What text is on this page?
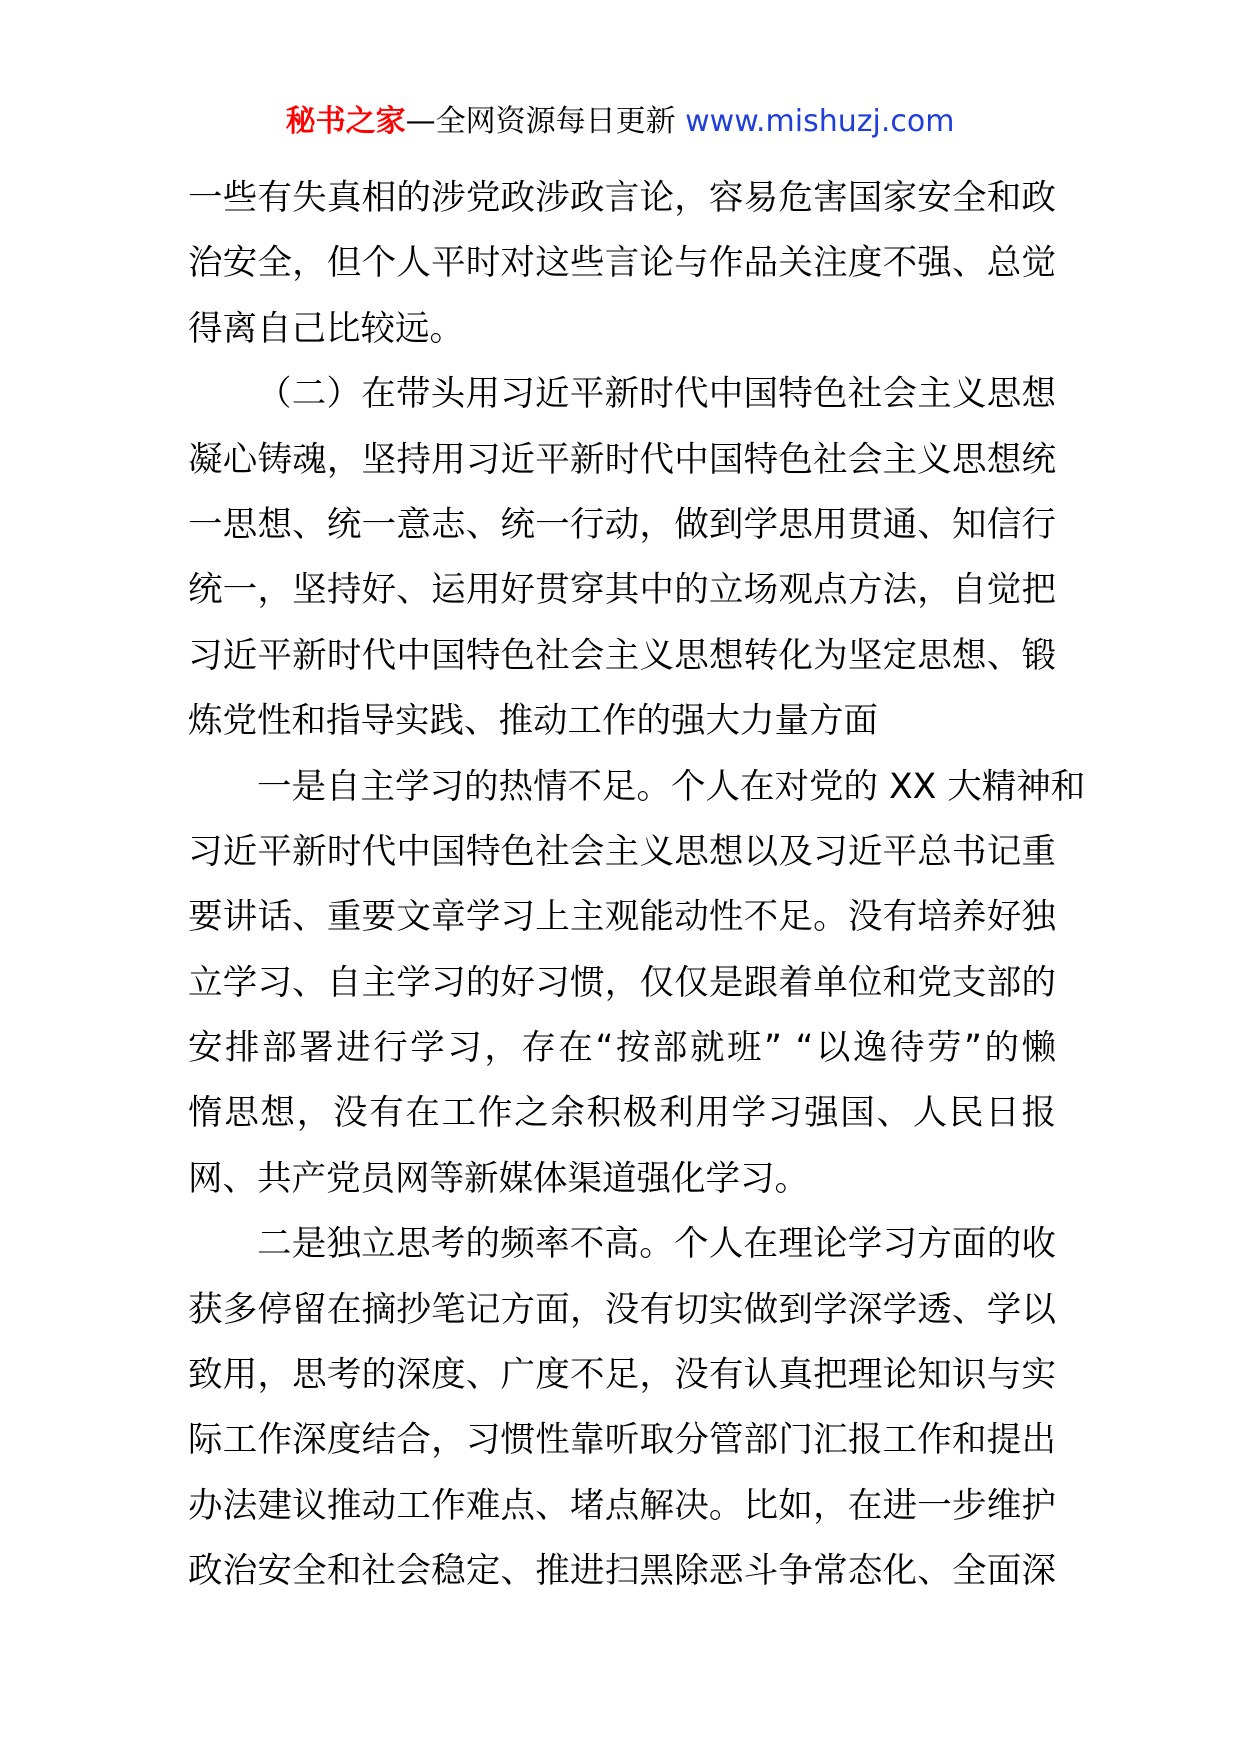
秘书之家—全网资源每日更新 www.mishuzj.com
一些有失真相的涉党政涉政言论，容易危害国家安全和政
治安全，但个人平时对这些言论与作品关注度不强、总觉
得离自己比较远。
（二）在带头用习近平新时代中国特色社会主义思想
凝心铸魂，坚持用习近平新时代中国特色社会主义思想统
一思想、统一意志、统一行动，做到学思用贯通、知信行
统一，坚持好、运用好贯穿其中的立场观点方法，自觉把
习近平新时代中国特色社会主义思想转化为坚定思想、锻
炼党性和指导实践、推动工作的强大力量方面
一是自主学习的热情不足。个人在对党的 XX 大精神和
习近平新时代中国特色社会主义思想以及习近平总书记重
要讲话、重要文章学习上主观能动性不足。没有培养好独
立学习、自主学习的好习惯，仅仅是跟着单位和党支部的
安排部署进行学习，存在“按部就班” “以逸待劳”的懒
惰思想，没有在工作之余积极利用学习强国、人民日报
网、共产党员网等新媒体渠道强化学习。
二是独立思考的频率不高。个人在理论学习方面的收
获多停留在摘抄笔记方面，没有切实做到学深学透、学以
致用，思考的深度、广度不足，没有认真把理论知识与实
际工作深度结合，习惯性靠听取分管部门汇报工作和提出
办法建议推动工作难点、堵点解决。比如，在进一步维护
政治安全和社会稳定、推进扫黑除恶斗争常态化、全面深
